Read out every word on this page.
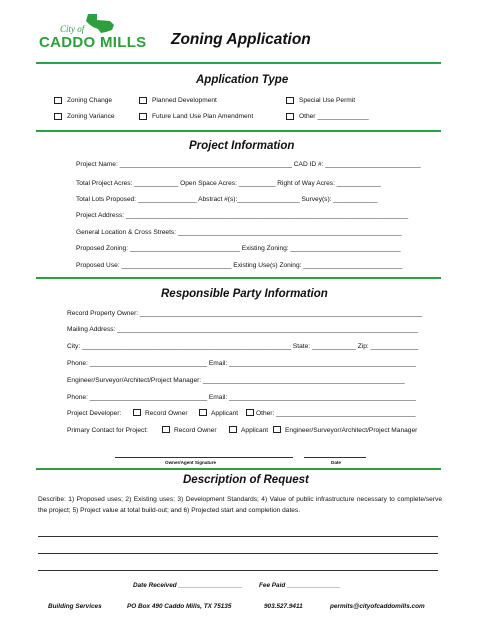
City of
CADDO MILLS Zoning Application
Application Type
Zoning Change	Planned Development	Special Use Permit
Zoning Variance	Future Land Use Plan Amendment	Other ______________
Project Information
Project Name: _______________________________________________ CAD ID #: __________________________
Total Project Acres: ____________ Open Space Acres: __________ Right of Way Acres: ____________
Total Lots Proposed: ________________ Abstract #(s):_________________ Survey(s): ____________
Project Address: _____________________________________________________________________________
General Location & Cross Streets: _____________________________________________________________
Proposed Zoning: ______________________________ Existing Zoning: ______________________________
Proposed Use: ______________________________ Existing Use(s) Zoning: ___________________________
Responsible Party Information
Record Property Owner: _____________________________________________________________________________
Mailing Address: __________________________________________________________________________________
City: _________________________________________________________ State: ____________ Zip: _____________
Phone: ________________________________ Email: ___________________________________________________
Engineer/Surveyor/Architect/Project Manager: _______________________________________________________
Phone: ________________________________ Email: ___________________________________________________
Project Developer:	Record Owner	Applicant	Other: ______________________________________
Primary Contact for Project:	Record Owner	Applicant	Engineer/Surveyor/Architect/Project Manager
Owner/Agent Signature	Date
Description of Request
Describe: 1) Proposed uses; 2) Existing uses; 3) Development Standards; 4) Value of public infrastructure necessary to complete/serve the project; 5) Project value at total build-out; and 6) Projected start and completion dates.
Date Received __________________	Fee Paid _______________
Building Services	PO Box 490 Caddo Mills, TX 75135	903.527.9411	permits@cityofcaddomills.com
